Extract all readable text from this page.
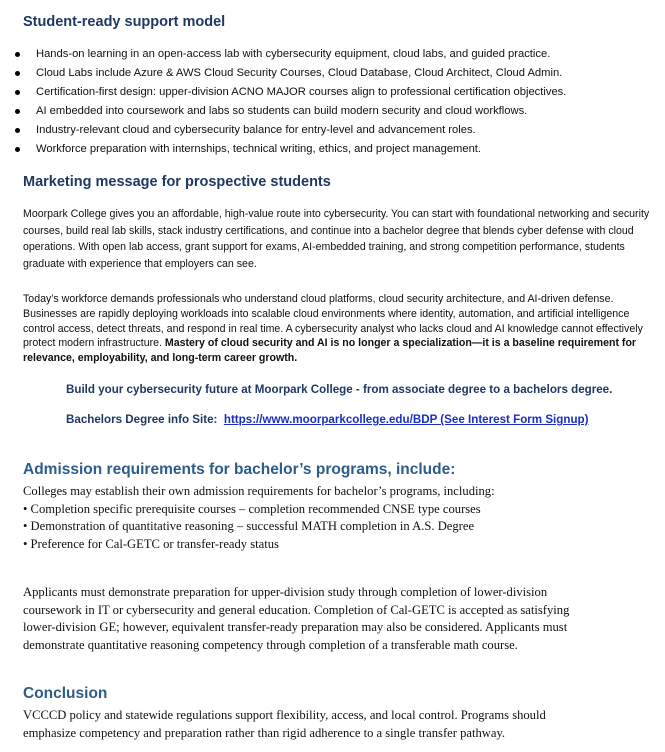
Student-ready support model
Hands-on learning in an open-access lab with cybersecurity equipment, cloud labs, and guided practice.
Cloud Labs include Azure & AWS Cloud Security Courses, Cloud Database, Cloud Architect, Cloud Admin.
Certification-first design: upper-division ACNO MAJOR courses align to professional certification objectives.
AI embedded into coursework and labs so students can build modern security and cloud workflows.
Industry-relevant cloud and cybersecurity balance for entry-level and advancement roles.
Workforce preparation with internships, technical writing, ethics, and project management.
Marketing message for prospective students

Moorpark College gives you an affordable, high-value route into cybersecurity. You can start with foundational networking and security courses, build real lab skills, stack industry certifications, and continue into a bachelor degree that blends cyber defense with cloud operations. With open lab access, grant support for exams, AI-embedded training, and strong competition performance, students graduate with experience that employers can see.

Today’s workforce demands professionals who understand cloud platforms, cloud security architecture, and AI-driven defense. Businesses are rapidly deploying workloads into scalable cloud environments where identity, automation, and artificial intelligence control access, detect threats, and respond in real time. A cybersecurity analyst who lacks cloud and AI knowledge cannot effectively protect modern infrastructure. Mastery of cloud security and AI is no longer a specialization—it is a baseline requirement for relevance, employability, and long-term career growth.

Build your cybersecurity future at Moorpark College - from associate degree to a bachelors degree.

Bachelors Degree info Site: https://www.moorparkcollege.edu/BDP (See Interest Form Signup)

Admission requirements for bachelor’s programs, include:
Colleges may establish their own admission requirements for bachelor’s programs, including:
• Completion specific prerequisite courses – completion recommended CNSE type courses
• Demonstration of quantitative reasoning – successful MATH completion in A.S. Degree
• Preference for Cal-GETC or transfer-ready status
Applicants must demonstrate preparation for upper-division study through completion of lower-division
coursework in IT or cybersecurity and general education. Completion of Cal-GETC is accepted as satisfying
lower-division GE; however, equivalent transfer-ready preparation may also be considered. Applicants must
demonstrate quantitative reasoning competency through completion of a transferable math course.
Conclusion
VCCCD policy and statewide regulations support flexibility, access, and local control. Programs should
emphasize competency and preparation rather than rigid adherence to a single transfer pathway.
